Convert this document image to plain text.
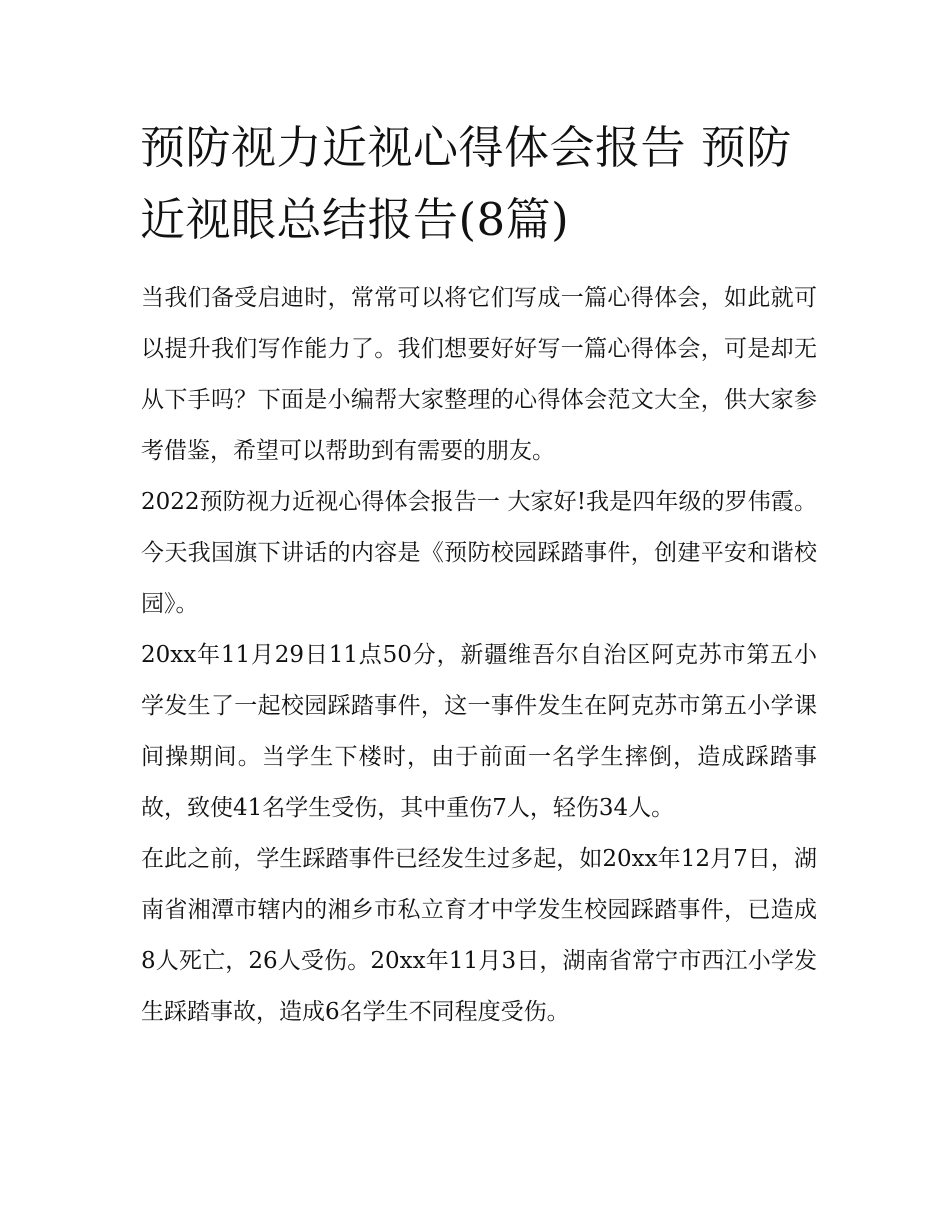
预防视力近视心得体会报告 预防近视眼总结报告(8篇)

当我们备受启迪时，常常可以将它们写成一篇心得体会，如此就可以提升我们写作能力了。我们想要好好写一篇心得体会，可是却无从下手吗？下面是小编帮大家整理的心得体会范文大全，供大家参考借鉴，希望可以帮助到有需要的朋友。

2022预防视力近视心得体会报告一 大家好!我是四年级的罗伟霞。今天我国旗下讲话的内容是《预防校园踩踏事件，创建平安和谐校园》。

20xx年11月29日11点50分，新疆维吾尔自治区阿克苏市第五小学发生了一起校园踩踏事件，这一事件发生在阿克苏市第五小学课间操期间。当学生下楼时，由于前面一名学生摔倒，造成踩踏事故，致使41名学生受伤，其中重伤7人，轻伤34人。

在此之前，学生踩踏事件已经发生过多起，如20xx年12月7日，湖南省湘潭市辖内的湘乡市私立育才中学发生校园踩踏事件，已造成8人死亡，26人受伤。20xx年11月3日，湖南省常宁市西江小学发生踩踏事故，造成6名学生不同程度受伤。
